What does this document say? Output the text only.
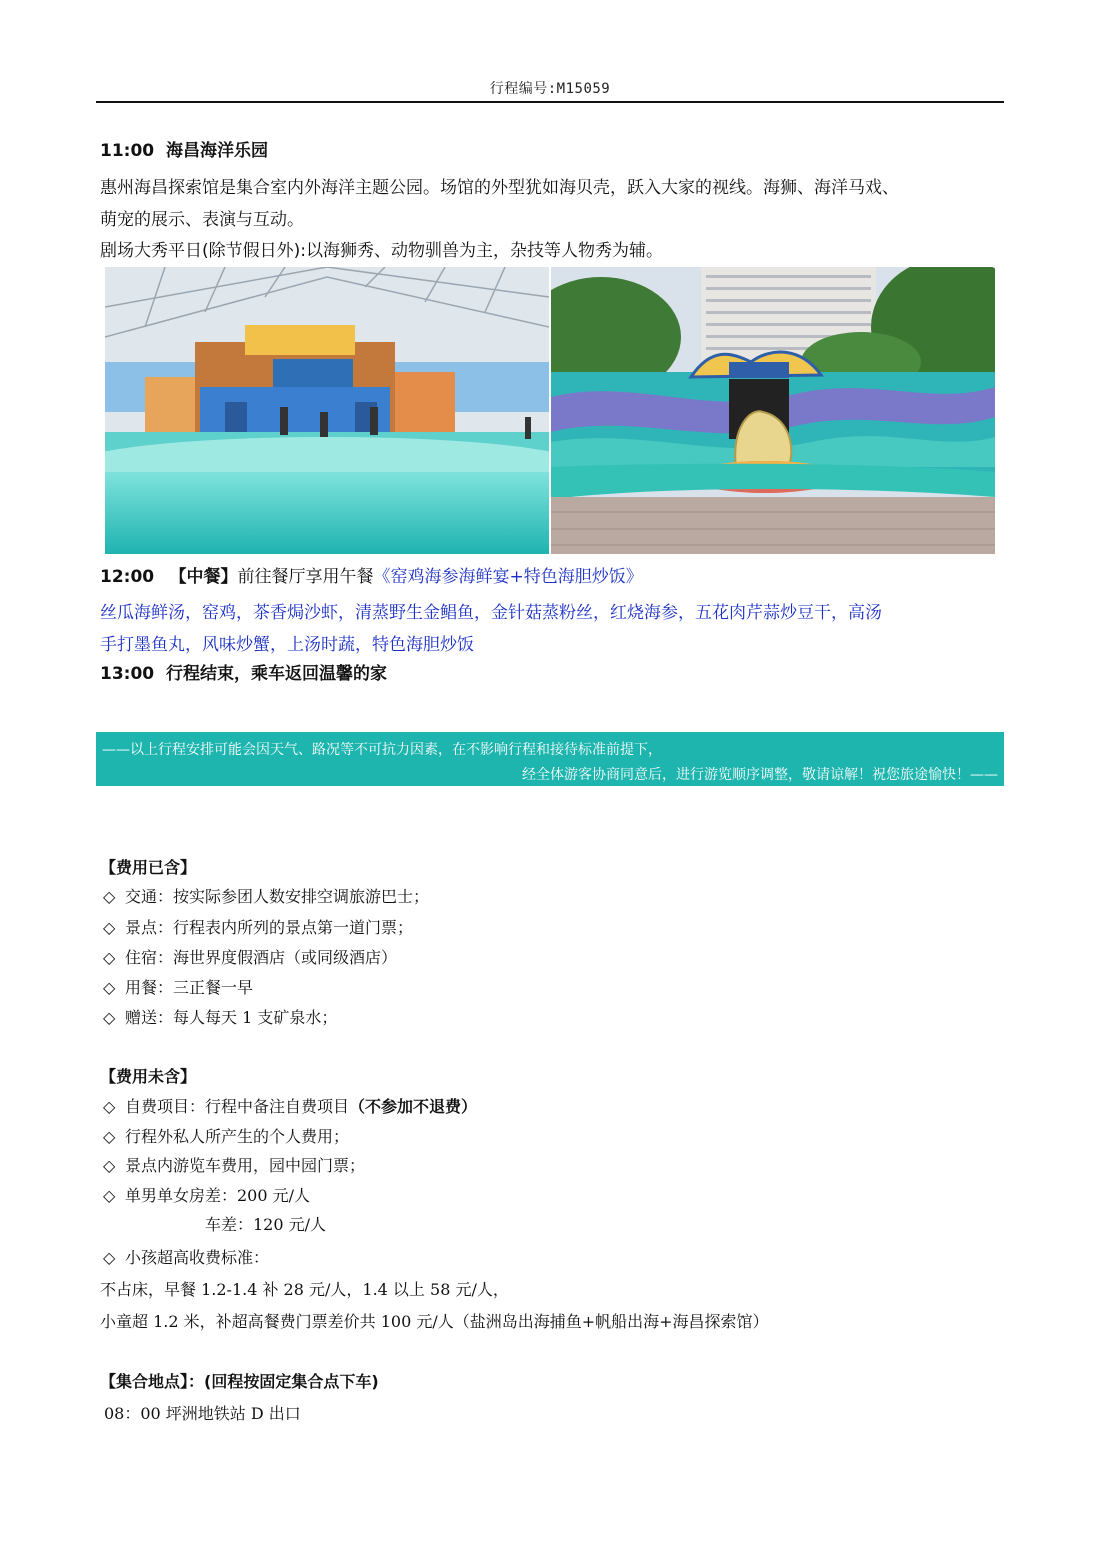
行程编号:M15059
11:00 海昌海洋乐园
惠州海昌探索馆是集合室内外海洋主题公园。场馆的外型犹如海贝壳，跃入大家的视线。海狮、海洋马戏、
萌宠的展示、表演与互动。
剧场大秀平日(除节假日外):以海狮秀、动物驯兽为主，杂技等人物秀为辅。
12:00 【中餐】前往餐厅享用午餐《窑鸡海参海鲜宴+特色海胆炒饭》
丝瓜海鲜汤，窑鸡，茶香焗沙虾，清蒸野生金鲳鱼，金针菇蒸粉丝，红烧海参，五花肉芹蒜炒豆干，高汤
手打墨鱼丸，风味炒蟹，上汤时蔬，特色海胆炒饭
13:00 行程结束，乘车返回温馨的家
——以上行程安排可能会因天气、路况等不可抗力因素，在不影响行程和接待标准前提下，
经全体游客协商同意后，进行游览顺序调整，敬请谅解！祝您旅途愉快！——
【费用已含】
◇ 交通：按实际参团人数安排空调旅游巴士；
◇ 景点：行程表内所列的景点第一道门票；
◇ 住宿：海世界度假酒店（或同级酒店）
◇ 用餐：三正餐一早
◇ 赠送：每人每天 1 支矿泉水；
【费用未含】
◇ 自费项目：行程中备注自费项目（不参加不退费）
◇ 行程外私人所产生的个人费用；
◇ 景点内游览车费用，园中园门票；
◇ 单男单女房差：200 元/人
车差：120 元/人
◇ 小孩超高收费标准：
不占床，早餐 1.2-1.4 补 28 元/人，1.4 以上 58 元/人，
小童超 1.2 米，补超高餐费门票差价共 100 元/人（盐洲岛出海捕鱼+帆船出海+海昌探索馆）
【集合地点】：(回程按固定集合点下车)
08：00 坪洲地铁站 D 出口
